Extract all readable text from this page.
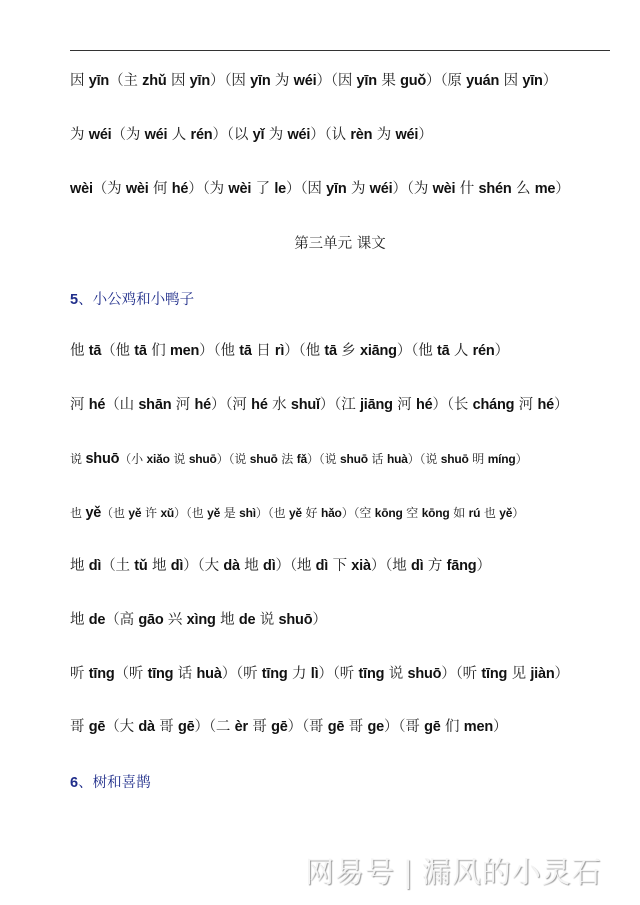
因 yīn（主 zhǔ 因 yīn）（因 yīn 为 wéi）（因 yīn 果 guǒ）（原 yuán 因 yīn）
为 wéi（为 wéi 人 rén）（以 yǐ 为 wéi）（认 rèn 为 wéi）
wèi（为 wèi 何 hé）（为 wèi 了 le）（因 yīn 为 wéi）（为 wèi 什 shén 么 me）
第三单元 课文
5、小公鸡和小鸭子
他 tā（他 tā 们 men）（他 tā 日 rì）（他 tā 乡 xiāng）（他 tā 人 rén）
河 hé（山 shān 河 hé）（河 hé 水 shuǐ）（江 jiāng 河 hé）（长 cháng 河 hé）
说 shuō（小 xiǎo 说 shuō）（说 shuō 法 fǎ）（说 shuō 话 huà）（说 shuō 明 míng）
也 yě（也 yě 许 xǔ）（也 yě 是 shì）（也 yě 好 hǎo）（空 kōng 空 kōng 如 rú 也 yě）
地 dì（土 tǔ 地 dì）（大 dà 地 dì）（地 dì 下 xià）（地 dì 方 fāng）
地 de（高 gāo 兴 xìng 地 de 说 shuō）
听 tīng（听 tīng 话 huà）（听 tīng 力 lì）（听 tīng 说 shuō）（听 tīng 见 jiàn）
哥 gē（大 dà 哥 gē）（二 èr 哥 gē）（哥 gē 哥 ge）（哥 gē 们 men）
6、树和喜鹊
网易号 | 漏风的小灵石
